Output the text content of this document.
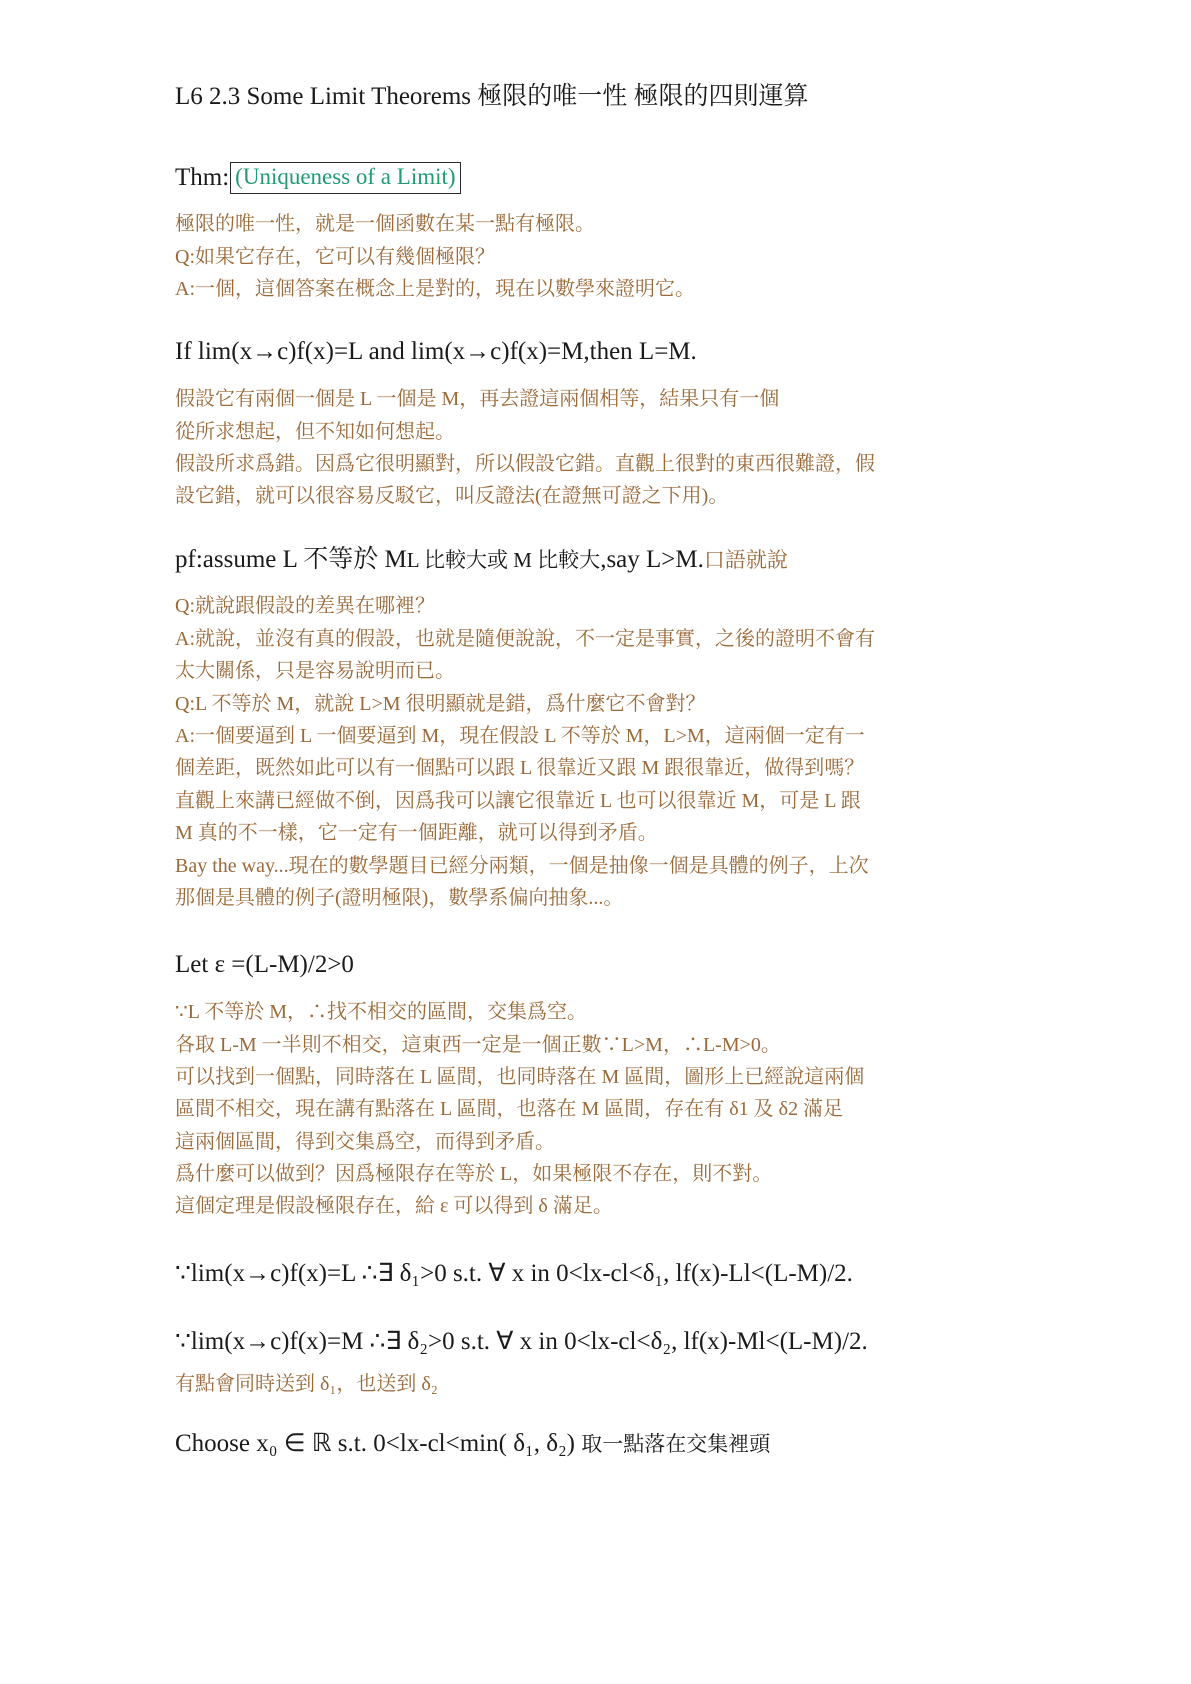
L6 2.3 Some Limit Theorems 極限的唯一性 極限的四則運算
Thm: (Uniqueness of a Limit)

極限的唯一性，就是一個函數在某一點有極限。

Q:如果它存在，它可以有幾個極限？

A:一個，這個答案在概念上是對的，現在以數學來證明它。

If lim(x→c)f(x)=L and lim(x→c)f(x)=M,then L=M.

假設它有兩個一個是 L 一個是 M，再去證這兩個相等，結果只有一個

從所求想起，但不知如何想起。

假設所求爲錯。因爲它很明顯對，所以假設它錯。直觀上很對的東西很難證，假

設它錯，就可以很容易反駁它，叫反證法(在證無可證之下用)。

pf:assume L 不等於 ML 比較大或 M 比較大,say L>M.口語就說

Q:就說跟假設的差異在哪裡？

A:就說，並沒有真的假設，也就是隨便說說，不一定是事實，之後的證明不會有

太大關係，只是容易說明而已。

Q:L 不等於 M，就說 L>M 很明顯就是錯，爲什麼它不會對？

A:一個要逼到 L 一個要逼到 M，現在假設 L 不等於 M，L>M，這兩個一定有一

個差距，既然如此可以有一個點可以跟 L 很靠近又跟 M 跟很靠近，做得到嗎？

直觀上來講已經做不倒，因爲我可以讓它很靠近 L 也可以很靠近 M，可是 L 跟

M 真的不一樣，它一定有一個距離，就可以得到矛盾。

Bay the way...現在的數學題目已經分兩類，一個是抽像一個是具體的例子，上次

那個是具體的例子(證明極限)，數學系偏向抽象...。

Let ε =(L-M)/2>0

∵L 不等於 M，∴找不相交的區間，交集爲空。

各取 L-M 一半則不相交，這東西一定是一個正數∵L>M，∴L-M>0。

可以找到一個點，同時落在 L 區間，也同時落在 M 區間，圖形上已經說這兩個

區間不相交，現在講有點落在 L 區間，也落在 M 區間，存在有 δ1 及 δ2 滿足

這兩個區間，得到交集爲空，而得到矛盾。

爲什麼可以做到？因爲極限存在等於 L，如果極限不存在，則不對。

這個定理是假設極限存在，給 ε 可以得到 δ 滿足。

∵lim(x→c)f(x)=L ∴∃ δ₁>0 s.t. ∀ x in 0<lx-cl<δ₁, lf(x)-Ll<(L-M)/2.
∵lim(x→c)f(x)=M ∴∃ δ₂>0 s.t. ∀ x in 0<lx-cl<δ₂, lf(x)-Ml<(L-M)/2.

有點會同時送到 δ₁，也送到 δ₂

Choose x₀ ∈ ℝ s.t. 0<lx-cl<min( δ₁, δ₂) 取一點落在交集裡頭
